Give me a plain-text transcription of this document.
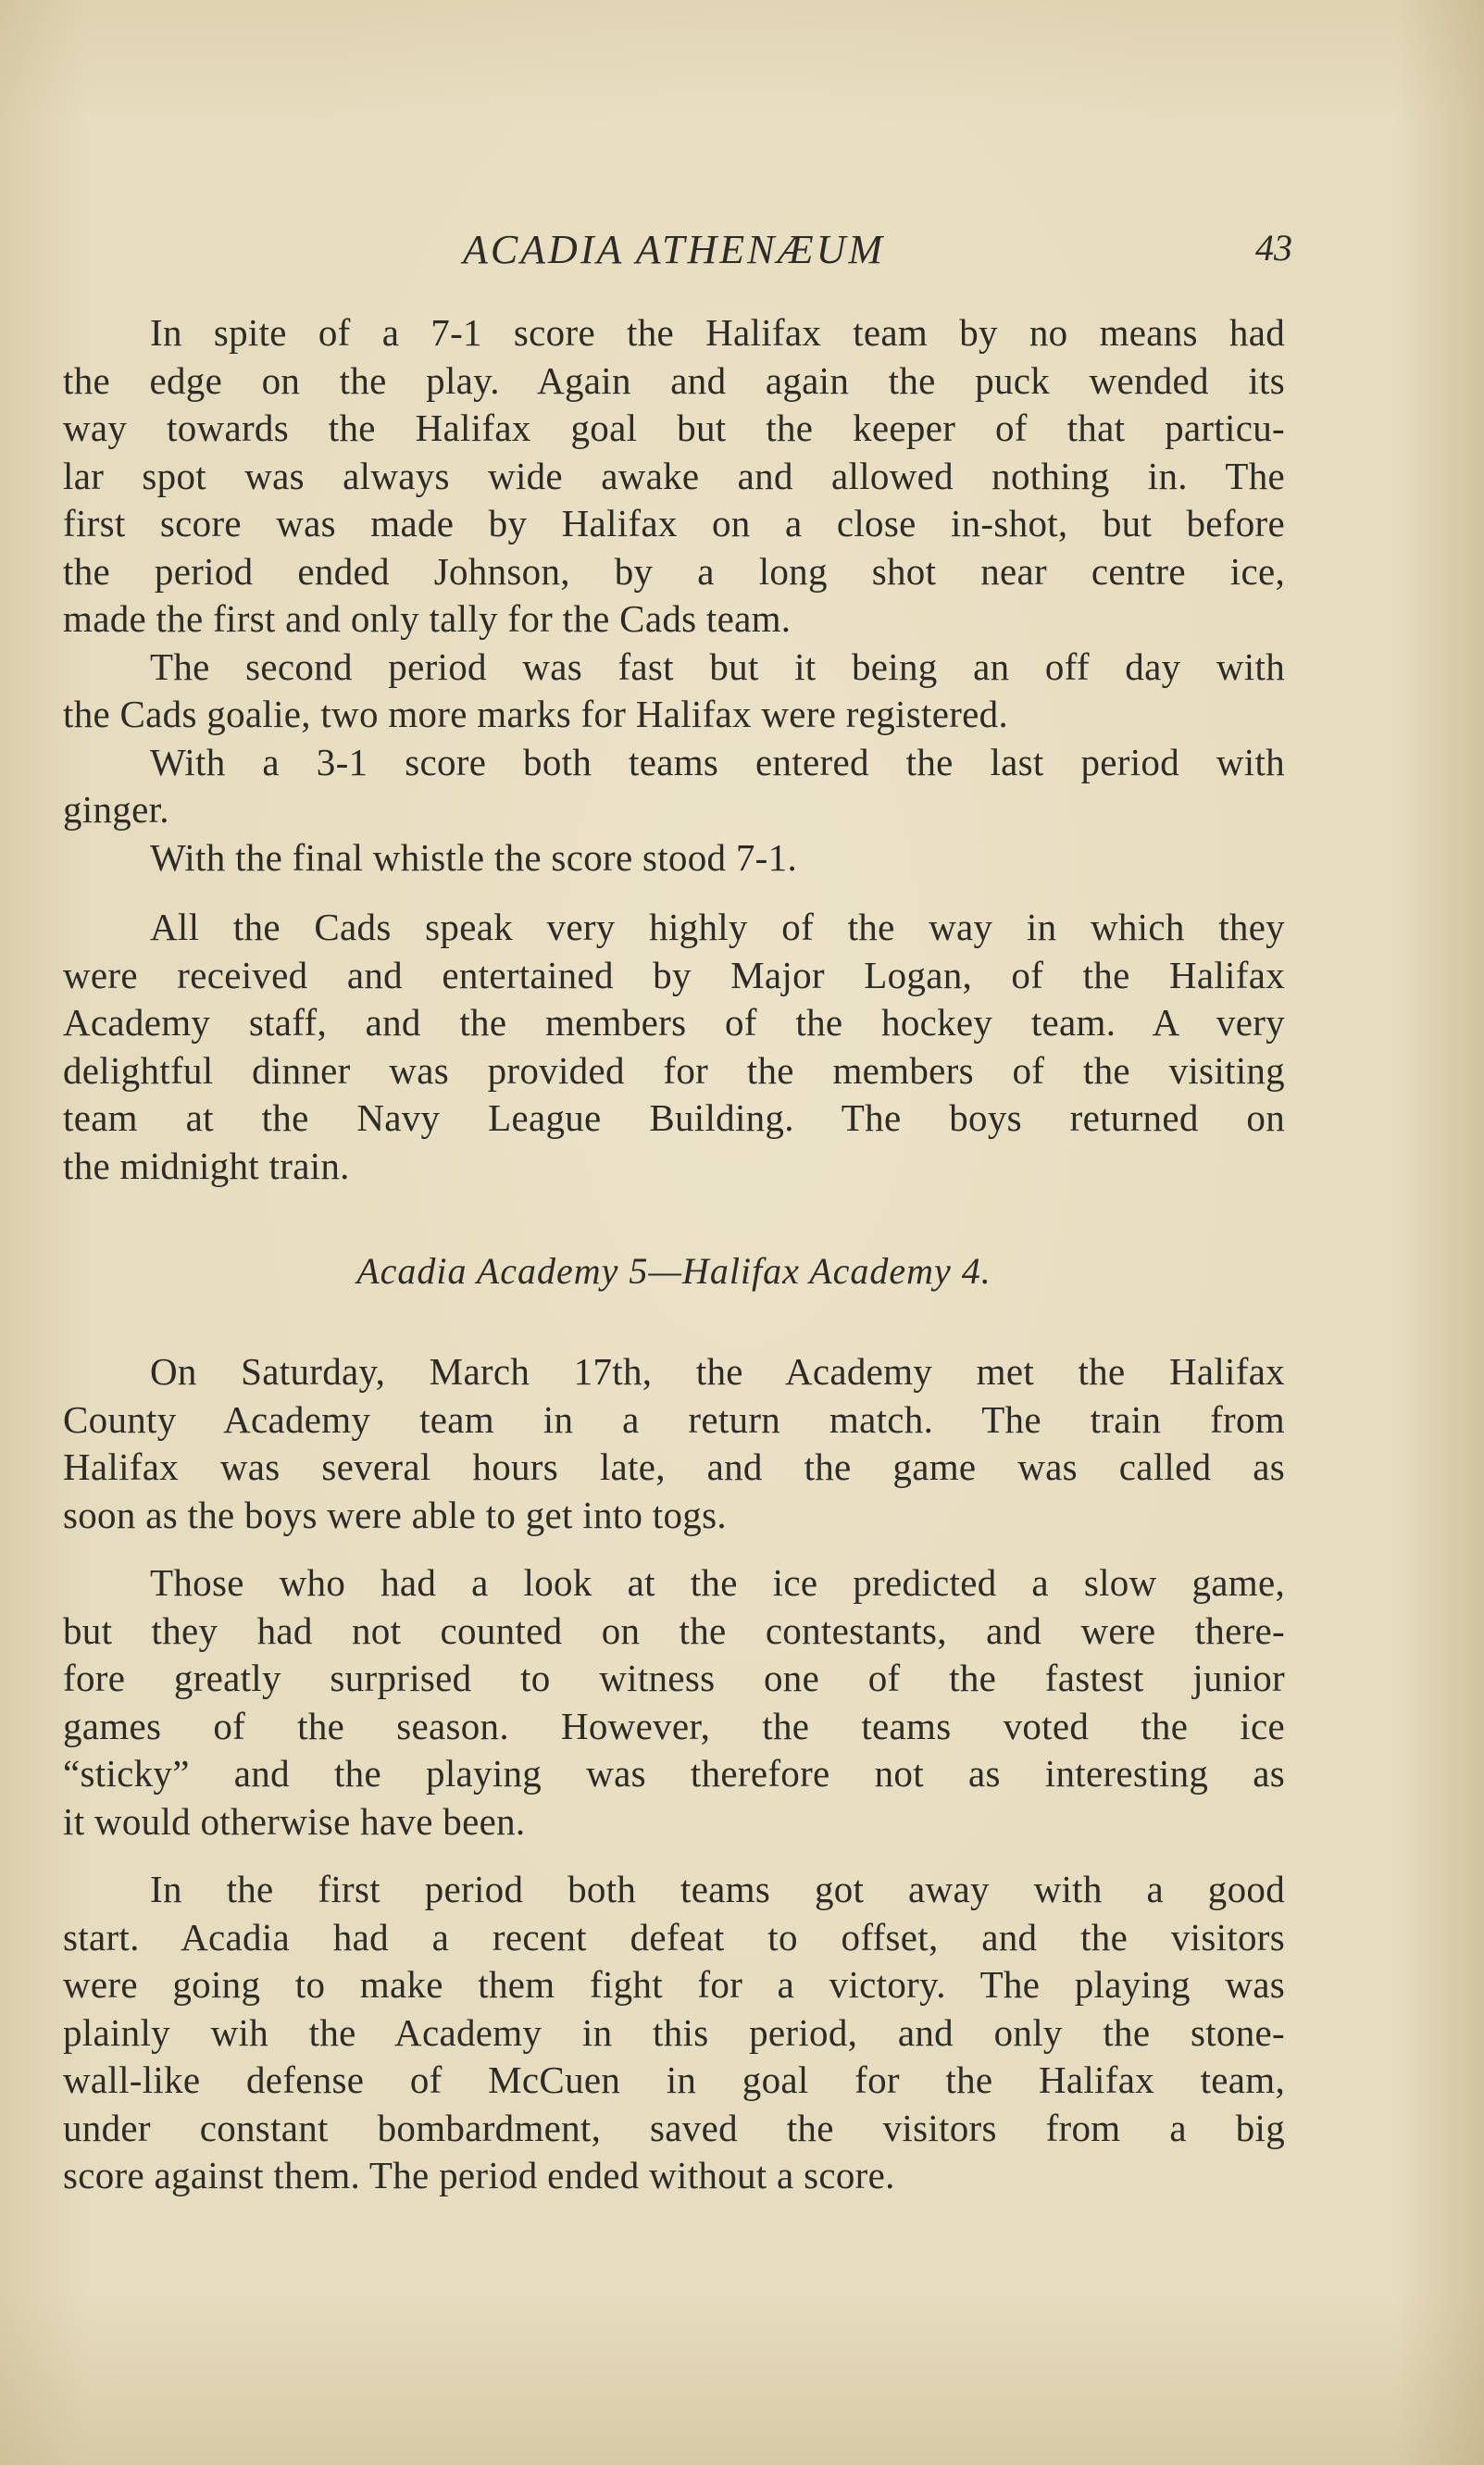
ACADIA ATHENÆUM	43

In spite of a 7-1 score the Halifax team by no means had
the edge on the play. Again and again the puck wended its
way towards the Halifax goal but the keeper of that particu-
lar spot was always wide awake and allowed nothing in. The
first score was made by Halifax on a close in-shot, but before
the period ended Johnson, by a long shot near centre ice,
made the first and only tally for the Cads team.

The second period was fast but it being an off day with
the Cads goalie, two more marks for Halifax were registered.

With a 3-1 score both teams entered the last period with
ginger.

With the final whistle the score stood 7-1.

All the Cads speak very highly of the way in which they
were received and entertained by Major Logan, of the Halifax
Academy staff, and the members of the hockey team. A very
delightful dinner was provided for the members of the visiting
team at the Navy League Building. The boys returned on
the midnight train.

Acadia Academy 5—Halifax Academy 4.

On Saturday, March 17th, the Academy met the Halifax
County Academy team in a return match. The train from
Halifax was several hours late, and the game was called as
soon as the boys were able to get into togs.

Those who had a look at the ice predicted a slow game,
but they had not counted on the contestants, and were there-
fore greatly surprised to witness one of the fastest junior
games of the season. However, the teams voted the ice
“sticky” and the playing was therefore not as interesting as
it would otherwise have been.

In the first period both teams got away with a good
start. Acadia had a recent defeat to offset, and the visitors
were going to make them fight for a victory. The playing was
plainly wih the Academy in this period, and only the stone-
wall-like defense of McCuen in goal for the Halifax team,
under constant bombardment, saved the visitors from a big
score against them. The period ended without a score.
